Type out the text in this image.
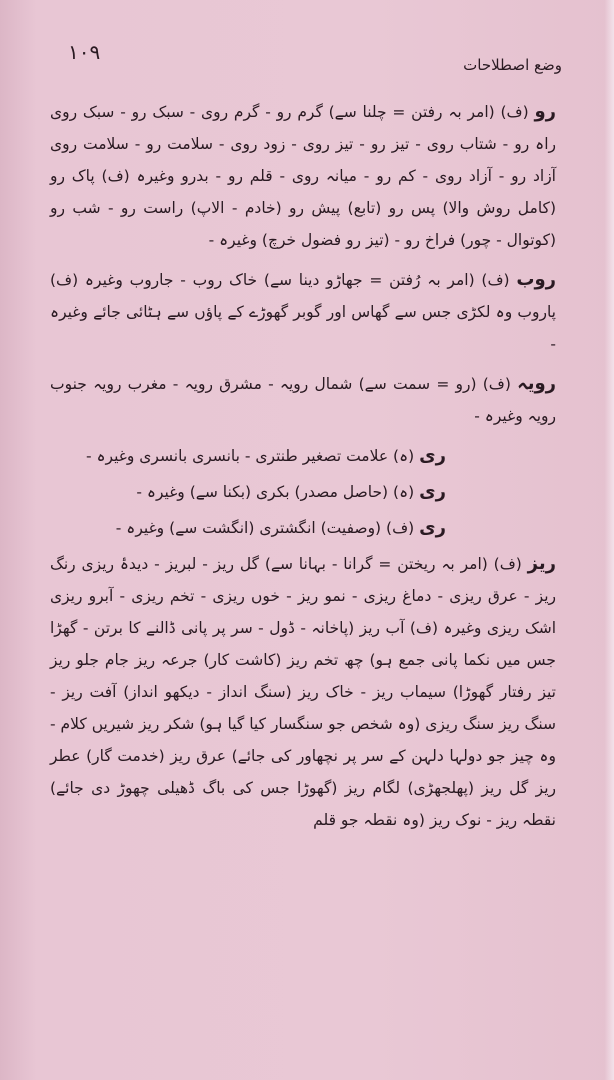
۱۰۹
وضع اصطلاحات

رو (ف) (امر بہ رفتن = چلنا سے) گرم رو - گرم روی - سبک رو - سبک روی راہ رو - شتاب روی - تیز رو - تیز روی - زود روی - سلامت رو - سلامت روی آزاد رو - آزاد روی - کم رو - میانہ روی - قلم رو - بدرو وغیرہ (ف) پاک رو (کامل روش والا) پس رو (تابع) پیش رو (خادم - الاپ) راست رو - شب رو (کوتوال - چور) فراخ رو - (تیز رو فضول خرچ) وغیرہ -

روب (ف) (امر بہ رُفتن = جھاڑو دینا سے) خاک روب - جاروب وغیرہ (ف) پاروب وہ لکڑی جس سے گھاس اور گوبر گھوڑے کے پاؤں سے ہٹائی جائے وغیرہ -

رویہ (ف) (رو = سمت سے) شمال رویہ - مشرق رویہ - مغرب رویہ جنوب رویہ وغیرہ -

ری (ہ) علامت تصغیر طنتری - بانسری بانسری وغیرہ -

ری (ہ) (حاصل مصدر) بکری (بکنا سے) وغیرہ -

ری (ف) (وصفیت) انگشتری (انگشت سے) وغیرہ -

ریز (ف) (امر بہ ریختن = گرانا - بہانا سے) گل ریز - لبریز - دیدۂ ریزی رنگ ریز - عرق ریزی - دماغ ریزی - نمو ریز - خوں ریزی - تخم ریزی - آبرو ریزی اشک ریزی وغیرہ (ف) آب ریز (پاخانہ - ڈول - سر پر پانی ڈالنے کا برتن - گھڑا جس میں نکما پانی جمع ہو) چھ تخم ریز (کاشت کار) جرعہ ریز جام جلو ریز تیز رفتار گھوڑا) سیماب ریز - خاک ریز (سنگ انداز - دیکھو انداز) آفت ریز - سنگ ریز سنگ ریزی (وہ شخص جو سنگسار کیا گیا ہو) شکر ریز شیریں کلام - وہ چیز جو دولہا دلہن کے سر پر نچھاور کی جائے) عرق ریز (خدمت گار) عطر ریز گل ریز (پھلجھڑی) لگام ریز (گھوڑا جس کی باگ ڈھیلی چھوڑ دی جائے) نقطہ ریز - نوک ریز (وہ نقطہ جو قلم
